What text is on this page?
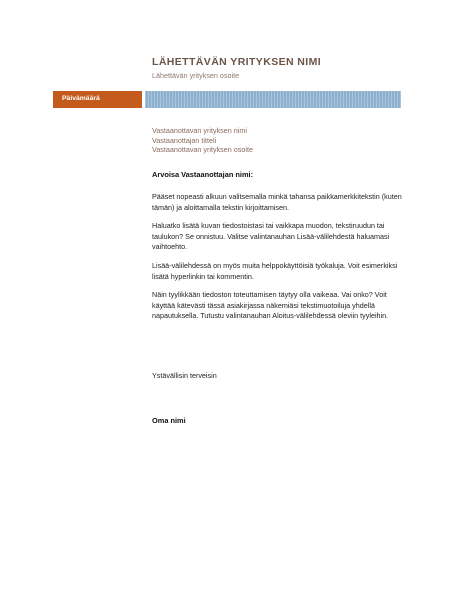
LÄHETTÄVÄN YRITYKSEN NIMI
Lähettävän yrityksen osoite
Päivämäärä
Vastaanottavan yrityksen nimi
Vastaanottajan titteli
Vastaanottavan yrityksen osoite
Arvoisa Vastaanottajan nimi:

Pääset nopeasti alkuun valitsemalla minkä tahansa paikkamerkkitekstin (kuten tämän) ja aloittamalla tekstin kirjoittamisen.

Haluatko lisätä kuvan tiedostoistasi tai vaikkapa muodon, tekstiruudun tai taulukon? Se onnistuu. Valitse valintanauhan Lisää-välilehdestä haluamasi vaihtoehto.

Lisää-välilehdessä on myös muita helppokäyttöisiä työkaluja. Voit esimerkiksi lisätä hyperlinkin tai kommentin.

Näin tyylikkään tiedoston toteuttamisen täytyy olla vaikeaa. Vai onko? Voit käyttää kätevästi tässä asiakirjassa näkemiäsi tekstimuotoiluja yhdellä napautuksella. Tutustu valintanauhan Aloitus-välilehdessä oleviin tyyleihin.

Ystävällisin terveisin
Oma nimi
